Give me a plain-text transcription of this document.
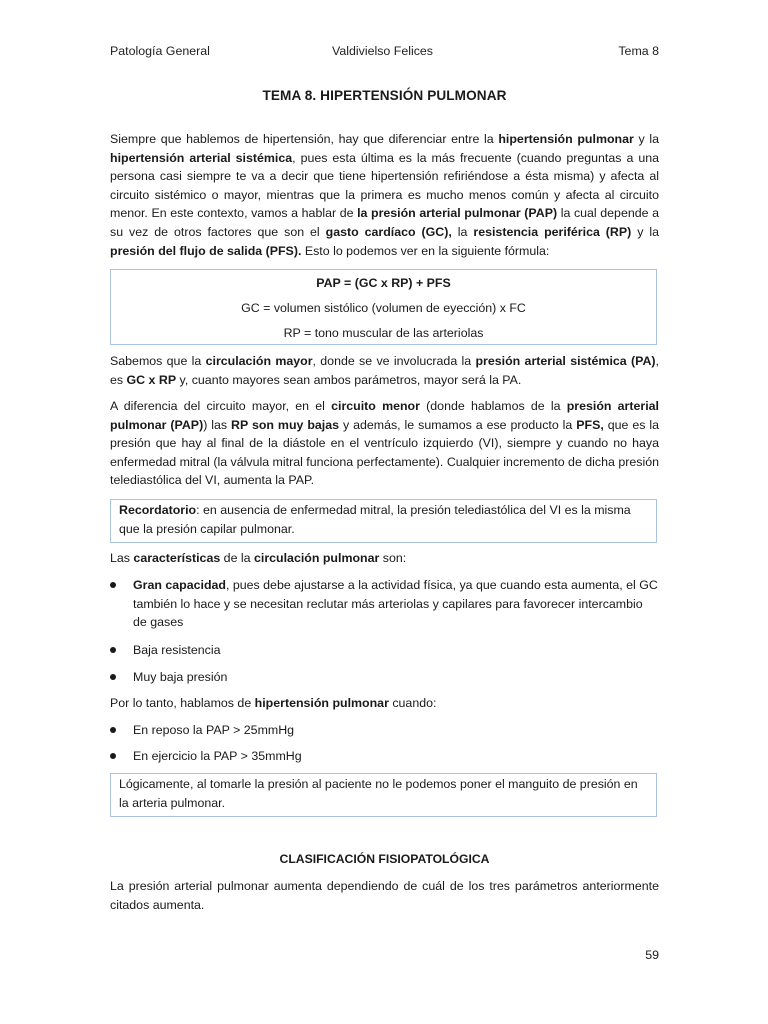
Patología General	Valdivielso Felices	Tema 8
TEMA 8. HIPERTENSIÓN PULMONAR

Siempre que hablemos de hipertensión, hay que diferenciar entre la hipertensión pulmonar y la hipertensión arterial sistémica, pues esta última es la más frecuente (cuando preguntas a una persona casi siempre te va a decir que tiene hipertensión refiriéndose a ésta misma) y afecta al circuito sistémico o mayor, mientras que la primera es mucho menos común y afecta al circuito menor. En este contexto, vamos a hablar de la presión arterial pulmonar (PAP) la cual depende a su vez de otros factores que son el gasto cardíaco (GC), la resistencia periférica (RP) y la presión del flujo de salida (PFS). Esto lo podemos ver en la siguiente fórmula:

PAP = (GC x RP) + PFS
GC = volumen sistólico (volumen de eyección) x FC
RP = tono muscular de las arteriolas

Sabemos que la circulación mayor, donde se ve involucrada la presión arterial sistémica (PA), es GC x RP y, cuanto mayores sean ambos parámetros, mayor será la PA.

A diferencia del circuito mayor, en el circuito menor (donde hablamos de la presión arterial pulmonar (PAP)) las RP son muy bajas y además, le sumamos a ese producto la PFS, que es la presión que hay al final de la diástole en el ventrículo izquierdo (VI), siempre y cuando no haya enfermedad mitral (la válvula mitral funciona perfectamente). Cualquier incremento de dicha presión telediastólica del VI, aumenta la PAP.

Recordatorio: en ausencia de enfermedad mitral, la presión telediastólica del VI es la misma que la presión capilar pulmonar.

Las características de la circulación pulmonar son:

Gran capacidad, pues debe ajustarse a la actividad física, ya que cuando esta aumenta, el GC también lo hace y se necesitan reclutar más arteriolas y capilares para favorecer intercambio de gases
Baja resistencia
Muy baja presión

Por lo tanto, hablamos de hipertensión pulmonar cuando:

En reposo la PAP > 25mmHg
En ejercicio la PAP > 35mmHg
Lógicamente, al tomarle la presión al paciente no le podemos poner el manguito de presión en la arteria pulmonar.
CLASIFICACIÓN FISIOPATOLÓGICA

La presión arterial pulmonar aumenta dependiendo de cuál de los tres parámetros anteriormente citados aumenta.

59
